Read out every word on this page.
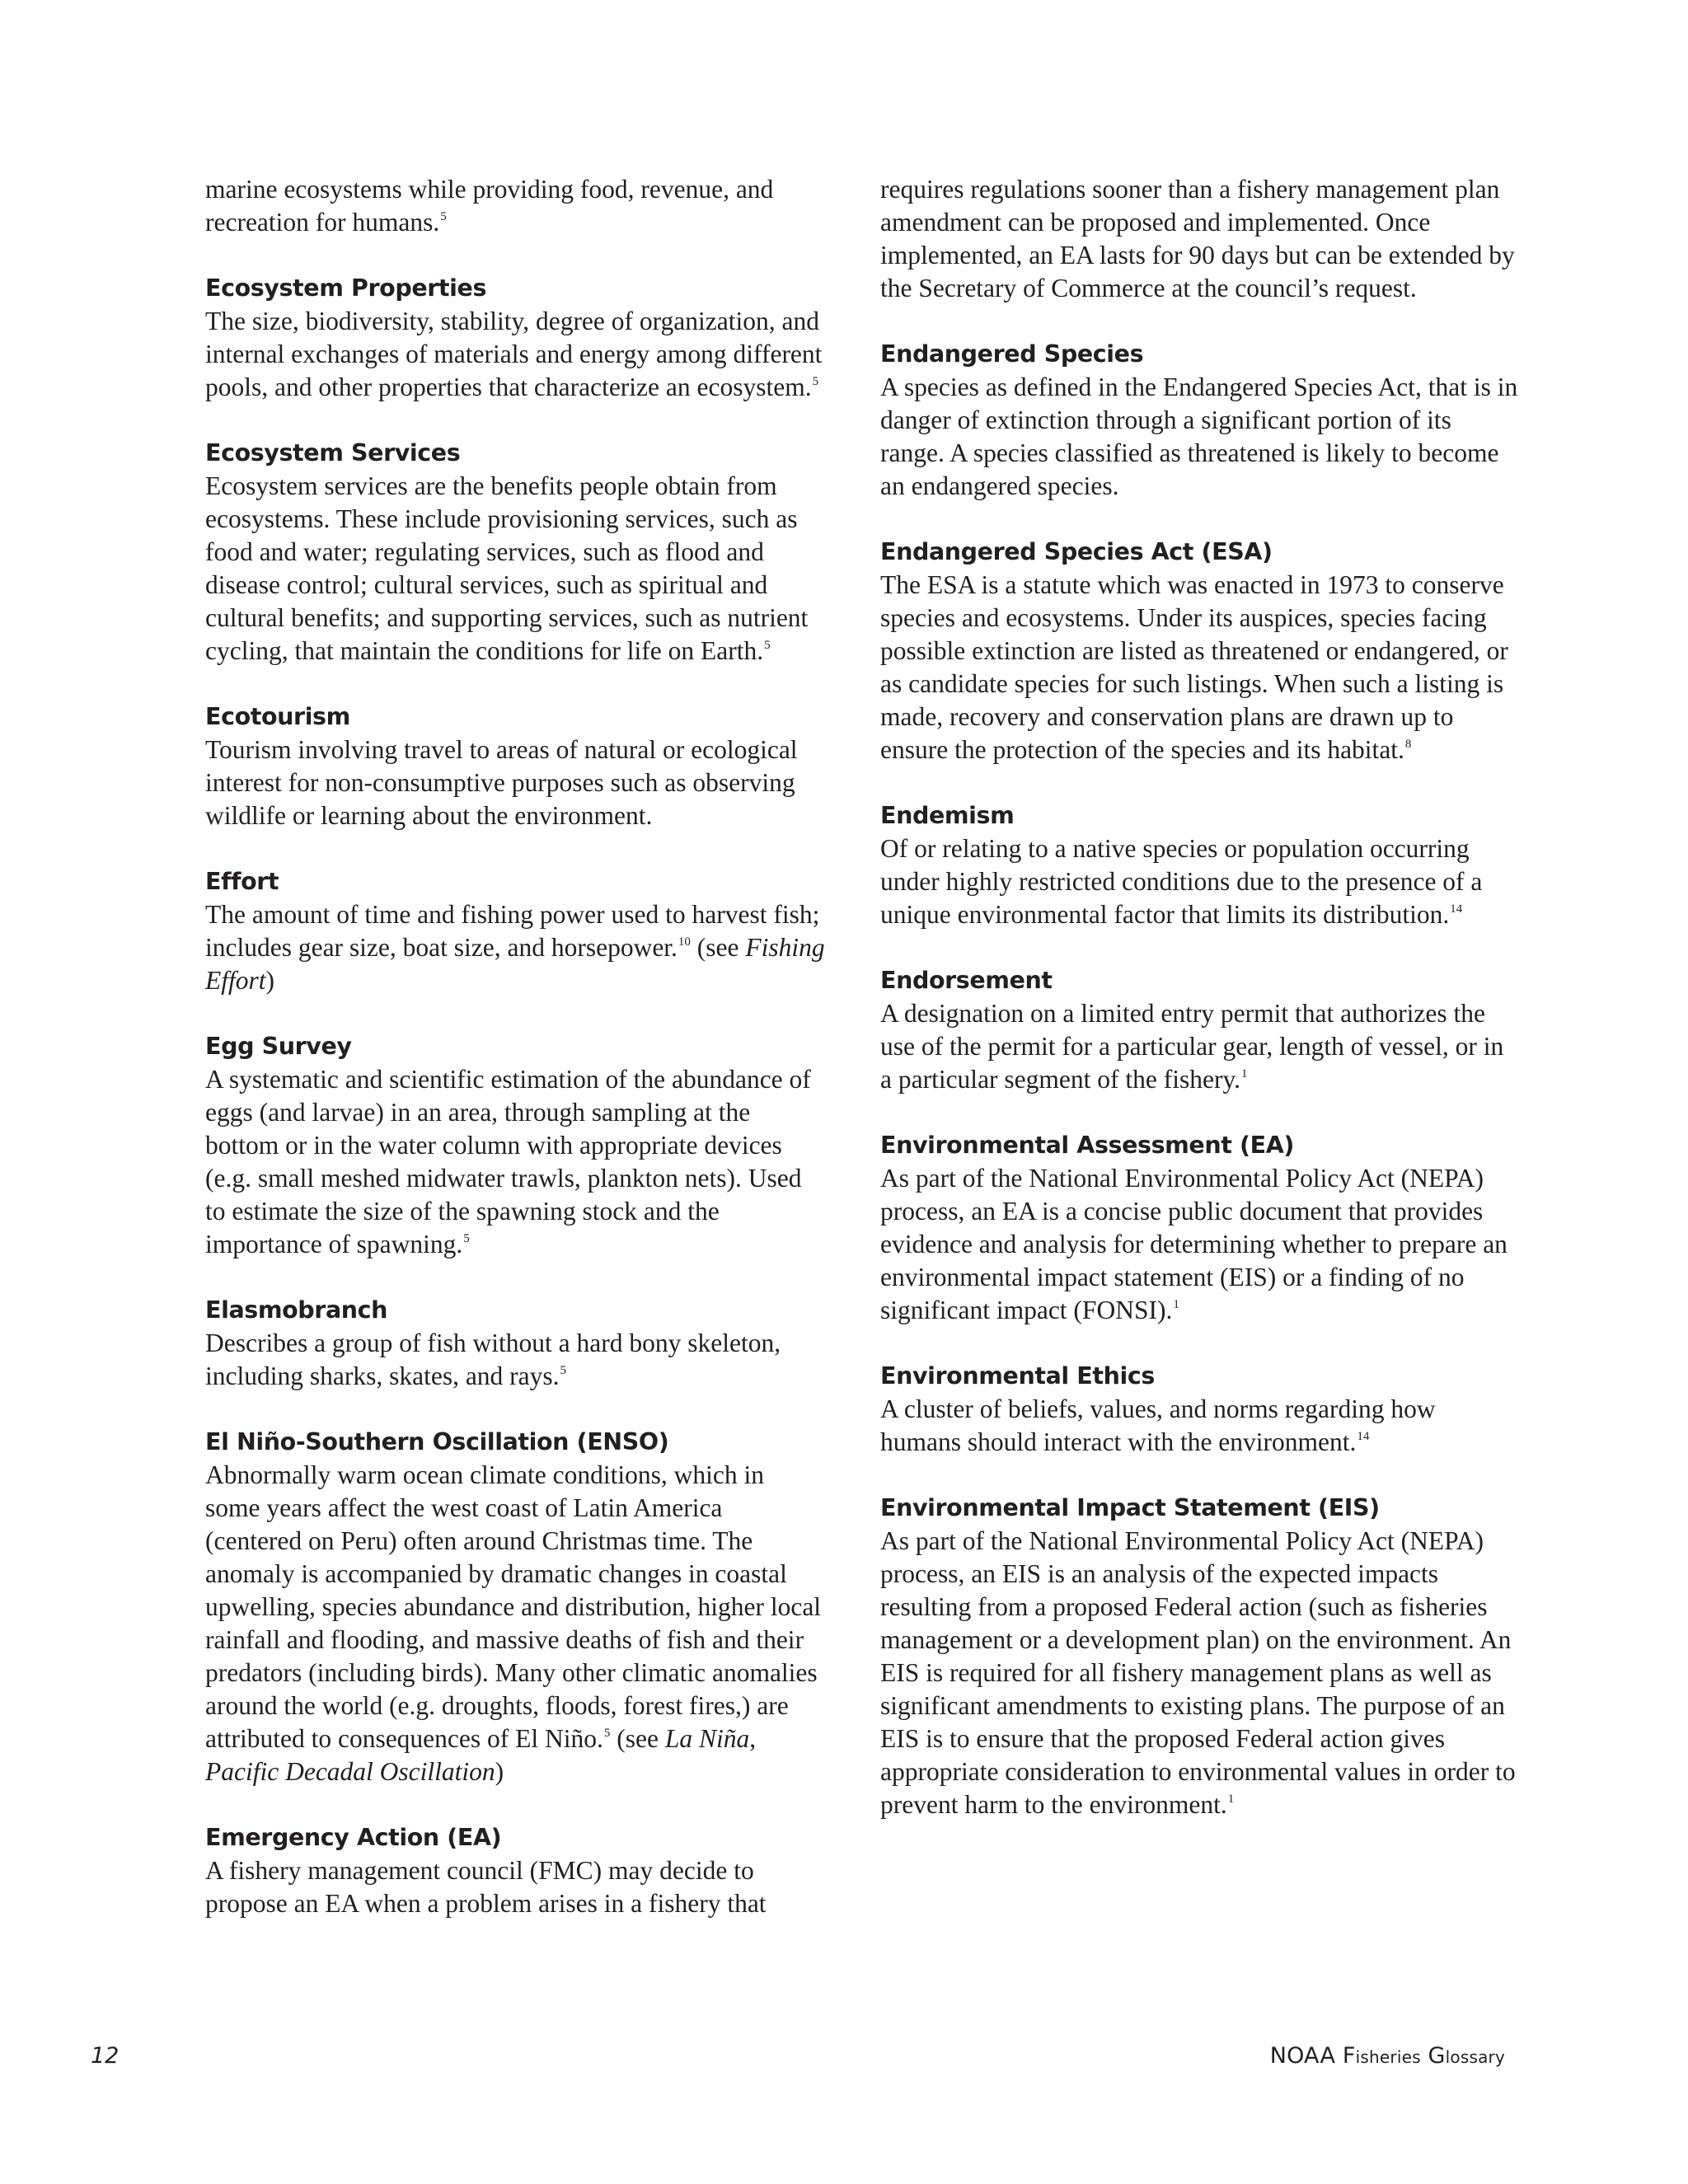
marine ecosystems while providing food, revenue, and recreation for humans.$^5$

Ecosystem Properties

The size, biodiversity, stability, degree of organization, and internal exchanges of materials and energy among different pools, and other properties that characterize an ecosystem.$^5$

Ecosystem Services

Ecosystem services are the benefits people obtain from ecosystems. These include provisioning services, such as food and water; regulating services, such as flood and disease control; cultural services, such as spiritual and cultural benefits; and supporting services, such as nutrient cycling, that maintain the conditions for life on Earth.$^5$

Ecotourism

Tourism involving travel to areas of natural or ecological interest for non-consumptive purposes such as observing wildlife or learning about the environment.

Effort

The amount of time and fishing power used to harvest fish; includes gear size, boat size, and horsepower.$^{10}$ (see Fishing Effort)

Egg Survey

A systematic and scientific estimation of the abundance of eggs (and larvae) in an area, through sampling at the bottom or in the water column with appropriate devices (e.g. small meshed midwater trawls, plankton nets). Used to estimate the size of the spawning stock and the importance of spawning.$^5$

Elasmobranch

Describes a group of fish without a hard bony skeleton, including sharks, skates, and rays.$^5$

El Niño-Southern Oscillation (ENSO)

Abnormally warm ocean climate conditions, which in some years affect the west coast of Latin America (centered on Peru) often around Christmas time. The anomaly is accompanied by dramatic changes in coastal upwelling, species abundance and distribution, higher local rainfall and flooding, and massive deaths of fish and their predators (including birds). Many other climatic anomalies around the world (e.g. droughts, floods, forest fires,) are attributed to consequences of El Niño.$^5$ (see La Niña, Pacific Decadal Oscillation)

Emergency Action (EA)

A fishery management council (FMC) may decide to propose an EA when a problem arises in a fishery that

requires regulations sooner than a fishery management plan amendment can be proposed and implemented. Once implemented, an EA lasts for 90 days but can be extended by the Secretary of Commerce at the council’s request.

Endangered Species

A species as defined in the Endangered Species Act, that is in danger of extinction through a significant portion of its range. A species classified as threatened is likely to become an endangered species.

Endangered Species Act (ESA)

The ESA is a statute which was enacted in 1973 to conserve species and ecosystems. Under its auspices, species facing possible extinction are listed as threatened or endangered, or as candidate species for such listings. When such a listing is made, recovery and conservation plans are drawn up to ensure the protection of the species and its habitat.$^8$

Endemism

Of or relating to a native species or population occurring under highly restricted conditions due to the presence of a unique environmental factor that limits its distribution.$^{14}$

Endorsement

A designation on a limited entry permit that authorizes the use of the permit for a particular gear, length of vessel, or in a particular segment of the fishery.$^1$

Environmental Assessment (EA)

As part of the National Environmental Policy Act (NEPA) process, an EA is a concise public document that provides evidence and analysis for determining whether to prepare an environmental impact statement (EIS) or a finding of no significant impact (FONSI).$^1$

Environmental Ethics

A cluster of beliefs, values, and norms regarding how humans should interact with the environment.$^{14}$

Environmental Impact Statement (EIS)

As part of the National Environmental Policy Act (NEPA) process, an EIS is an analysis of the expected impacts resulting from a proposed Federal action (such as fisheries management or a development plan) on the environment. An EIS is required for all fishery management plans as well as significant amendments to existing plans. The purpose of an EIS is to ensure that the proposed Federal action gives appropriate consideration to environmental values in order to prevent harm to the environment.$^1$

12	NOAA Fisheries Glossary
